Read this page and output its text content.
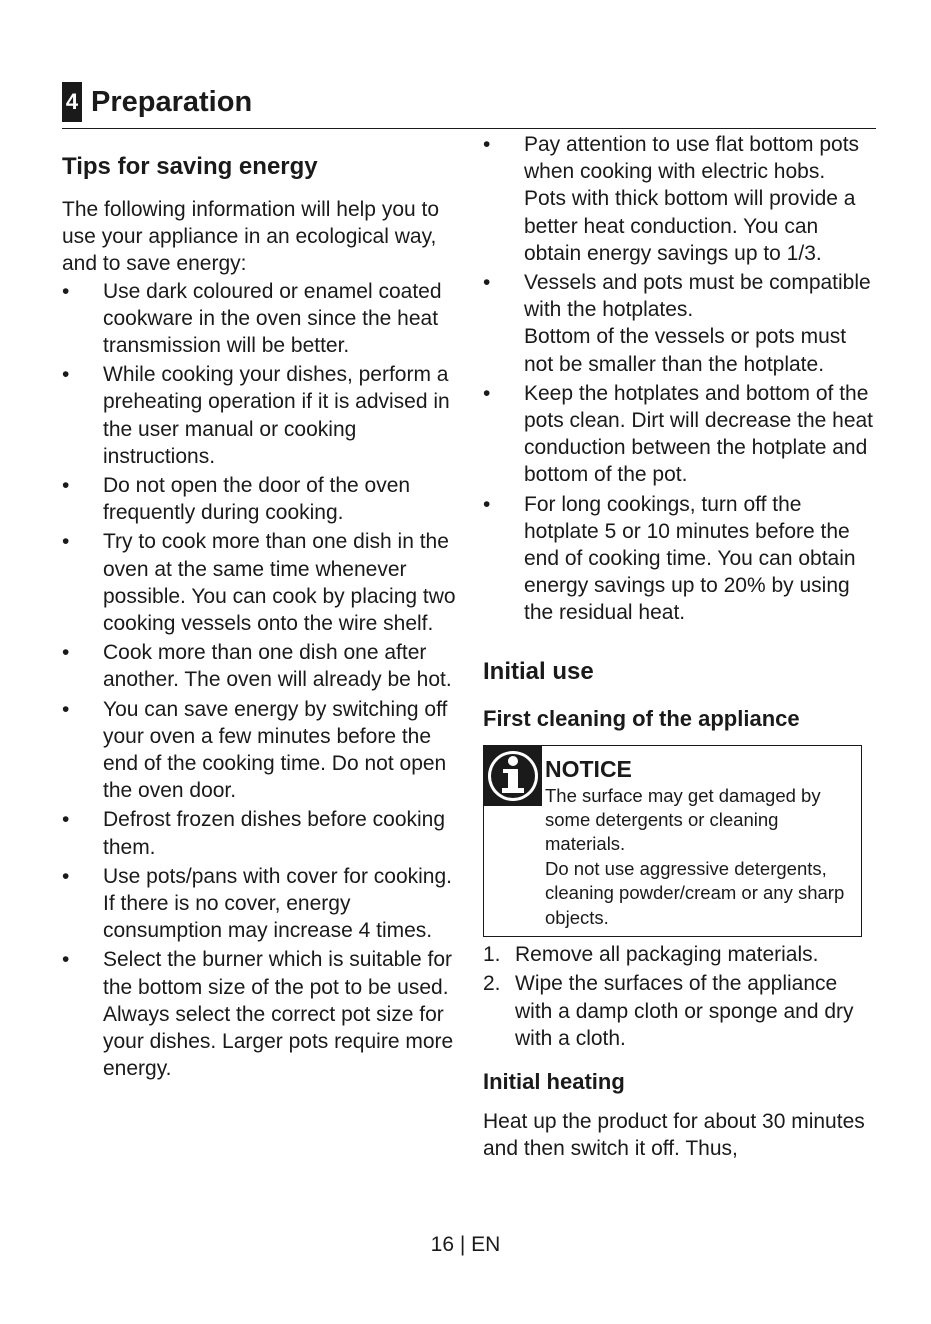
4 Preparation
Tips for saving energy

The following information will help you to use your appliance in an ecological way, and to save energy:

• Use dark coloured or enamel coated cookware in the oven since the heat transmission will be better.
• While cooking your dishes, perform a preheating operation if it is advised in the user manual or cooking instructions.
• Do not open the door of the oven frequently during cooking.
• Try to cook more than one dish in the oven at the same time whenever possible. You can cook by placing two cooking vessels onto the wire shelf.
• Cook more than one dish one after another. The oven will already be hot.
• You can save energy by switching off your oven a few minutes before the end of the cooking time. Do not open the oven door.
• Defrost frozen dishes before cooking them.
• Use pots/pans with cover for cooking. If there is no cover, energy consumption may increase 4 times.
• Select the burner which is suitable for the bottom size of the pot to be used. Always select the correct pot size for your dishes. Larger pots require more energy.
• Pay attention to use flat bottom pots when cooking with electric hobs.
Pots with thick bottom will provide a better heat conduction. You can obtain energy savings up to 1/3.
• Vessels and pots must be compatible with the hotplates.
Bottom of the vessels or pots must not be smaller than the hotplate.
• Keep the hotplates and bottom of the pots clean. Dirt will decrease the heat conduction between the hotplate and bottom of the pot.
• For long cookings, turn off the hotplate 5 or 10 minutes before the end of cooking time. You can obtain energy savings up to 20% by using the residual heat.
Initial use
First cleaning of the appliance
NOTICE
The surface may get damaged by some detergents or cleaning materials.
Do not use aggressive detergents, cleaning powder/cream or any sharp objects.
1. Remove all packaging materials.
2. Wipe the surfaces of the appliance with a damp cloth or sponge and dry with a cloth.
Initial heating

Heat up the product for about 30 minutes and then switch it off. Thus,

16 | EN
